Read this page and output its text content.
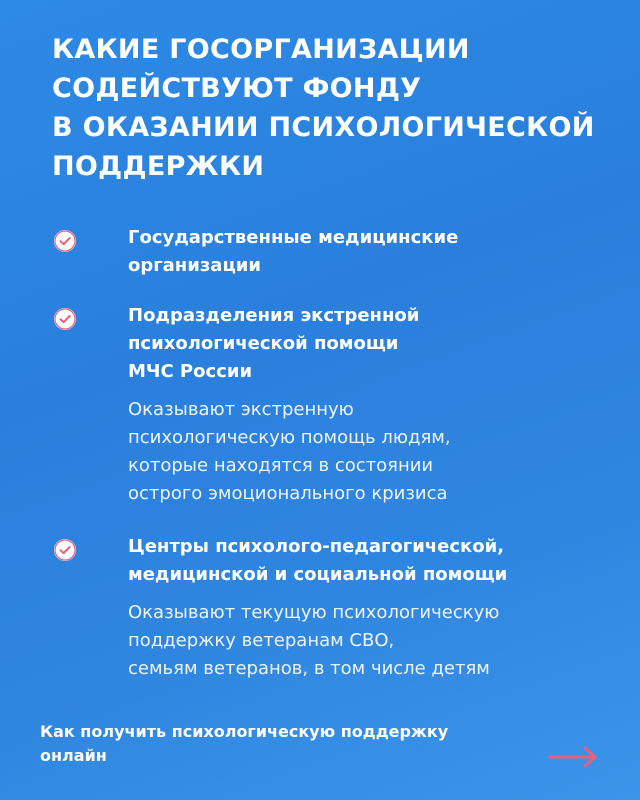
КАКИЕ ГОСОРГАНИЗАЦИИ
СОДЕЙСТВУЮТ ФОНДУ
В ОКАЗАНИИ ПСИХОЛОГИЧЕСКОЙ
ПОДДЕРЖКИ
Государственные медицинские
организации
Подразделения экстренной
психологической помощи
МЧС России
Оказывают экстренную
психологическую помощь людям,
которые находятся в состоянии
острого эмоционального кризиса
Центры психолого-педагогической,
медицинской и социальной помощи
Оказывают текущую психологическую
поддержку ветеранам СВО,
семьям ветеранов, в том числе детям
Как получить психологическую поддержку
онлайн
